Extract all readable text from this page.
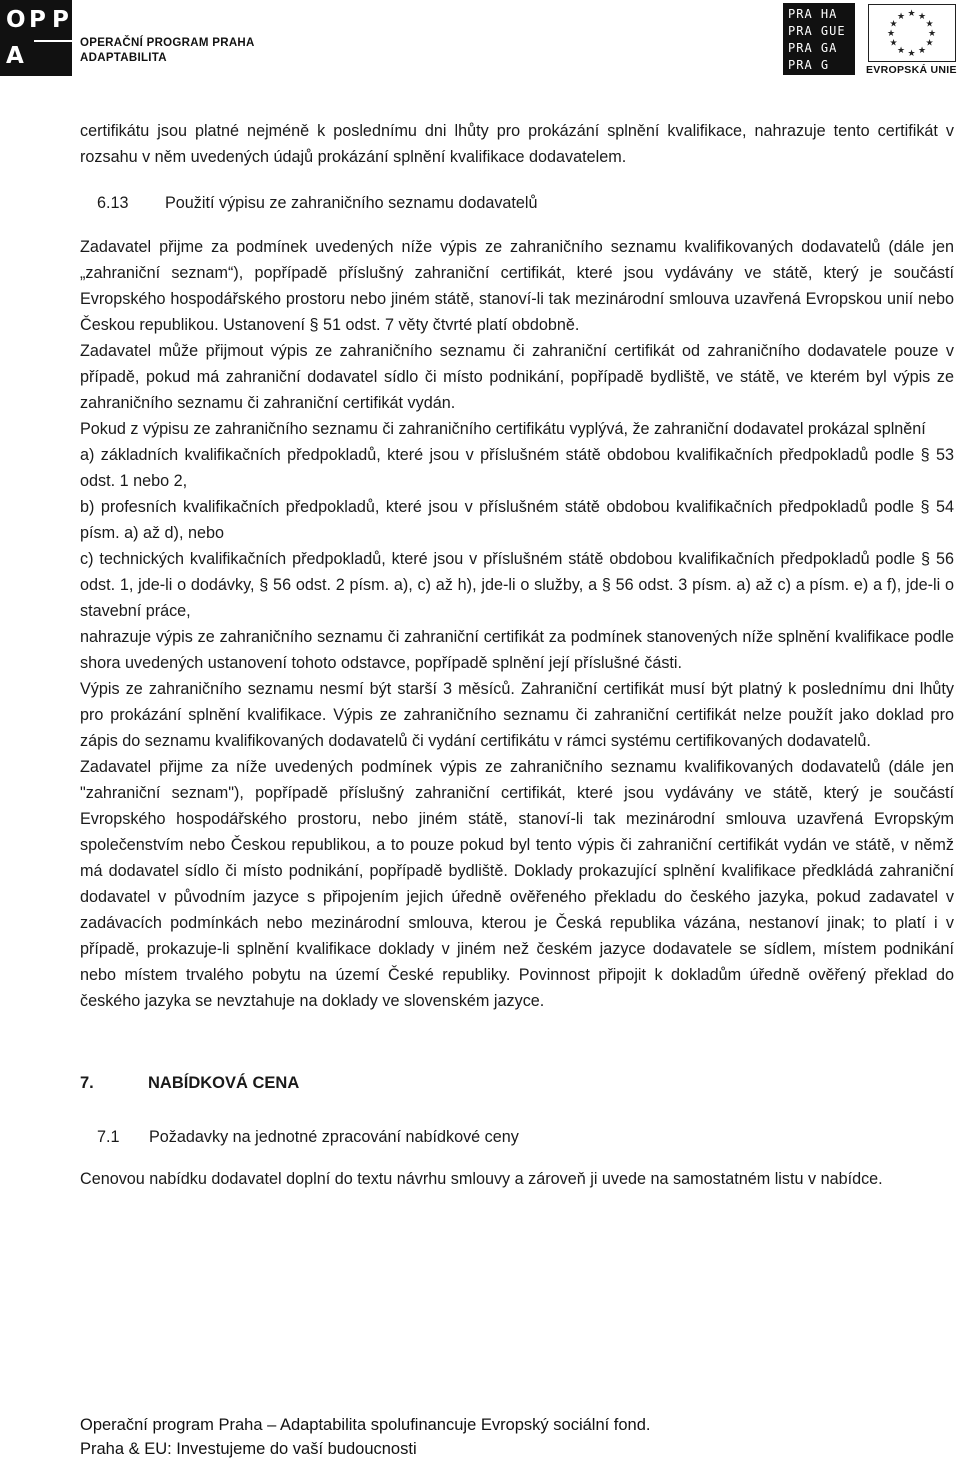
O P P
A	OPERAČNÍ PROGRAM PRAHA
ADAPTABILITA
PRA HA
PRA GUE
PRA GA
PRA G
★ ★
★
★
★
★
★
★
★
★
★
★
EVROPSKÁ UNIE

certifikátu jsou platné nejméně k poslednímu dni lhůty pro prokázání splnění kvalifikace, nahrazuje tento certifikát v rozsahu v něm uvedených údajů prokázání splnění kvalifikace dodavatelem.

6.13 Použití výpisu ze zahraničního seznamu dodavatelů

Zadavatel přijme za podmínek uvedených níže výpis ze zahraničního seznamu kvalifikovaných dodavatelů (dále jen „zahraniční seznam“), popřípadě příslušný zahraniční certifikát, které jsou vydávány ve státě, který je součástí Evropského hospodářského prostoru nebo jiném státě, stanoví-li tak mezinárodní smlouva uzavřená Evropskou unií nebo Českou republikou. Ustanovení § 51 odst. 7 věty čtvrté platí obdobně.

Zadavatel může přijmout výpis ze zahraničního seznamu či zahraniční certifikát od zahraničního dodavatele pouze v případě, pokud má zahraniční dodavatel sídlo či místo podnikání, popřípadě bydliště, ve státě, ve kterém byl výpis ze zahraničního seznamu či zahraniční certifikát vydán.

Pokud z výpisu ze zahraničního seznamu či zahraničního certifikátu vyplývá, že zahraniční dodavatel prokázal splnění

a) základních kvalifikačních předpokladů, které jsou v příslušném státě obdobou kvalifikačních předpokladů podle § 53 odst. 1 nebo 2,

b) profesních kvalifikačních předpokladů, které jsou v příslušném státě obdobou kvalifikačních předpokladů podle § 54 písm. a) až d), nebo

c) technických kvalifikačních předpokladů, které jsou v příslušném státě obdobou kvalifikačních předpokladů podle § 56 odst. 1, jde-li o dodávky, § 56 odst. 2 písm. a), c) až h), jde-li o služby, a § 56 odst. 3 písm. a) až c) a písm. e) a f), jde-li o stavební práce,

nahrazuje výpis ze zahraničního seznamu či zahraniční certifikát za podmínek stanovených níže splnění kvalifikace podle shora uvedených ustanovení tohoto odstavce, popřípadě splnění její příslušné části.

Výpis ze zahraničního seznamu nesmí být starší 3 měsíců. Zahraniční certifikát musí být platný k poslednímu dni lhůty pro prokázání splnění kvalifikace. Výpis ze zahraničního seznamu či zahraniční certifikát nelze použít jako doklad pro zápis do seznamu kvalifikovaných dodavatelů či vydání certifikátu v rámci systému certifikovaných dodavatelů.

Zadavatel přijme za níže uvedených podmínek výpis ze zahraničního seznamu kvalifikovaných dodavatelů (dále jen "zahraniční seznam"), popřípadě příslušný zahraniční certifikát, které jsou vydávány ve státě, který je součástí Evropského hospodářského prostoru, nebo jiném státě, stanoví-li tak mezinárodní smlouva uzavřená Evropským společenstvím nebo Českou republikou, a to pouze pokud byl tento výpis či zahraniční certifikát vydán ve státě, v němž má dodavatel sídlo či místo podnikání, popřípadě bydliště. Doklady prokazující splnění kvalifikace předkládá zahraniční dodavatel v původním jazyce s připojením jejich úředně ověřeného překladu do českého jazyka, pokud zadavatel v zadávacích podmínkách nebo mezinárodní smlouva, kterou je Česká republika vázána, nestanoví jinak; to platí i v případě, prokazuje-li splnění kvalifikace doklady v jiném než českém jazyce dodavatele se sídlem, místem podnikání nebo místem trvalého pobytu na území České republiky. Povinnost připojit k dokladům úředně ověřený překlad do českého jazyka se nevztahuje na doklady ve slovenském jazyce.

7.	NABÍDKOVÁ CENA
7.1 Požadavky na jednotné zpracování nabídkové ceny

Cenovou nabídku dodavatel doplní do textu návrhu smlouvy a zároveň ji uvede na samostatném listu v nabídce.

Operační program Praha – Adaptabilita spolufinancuje Evropský sociální fond.
Praha & EU: Investujeme do vaší budoucnosti
